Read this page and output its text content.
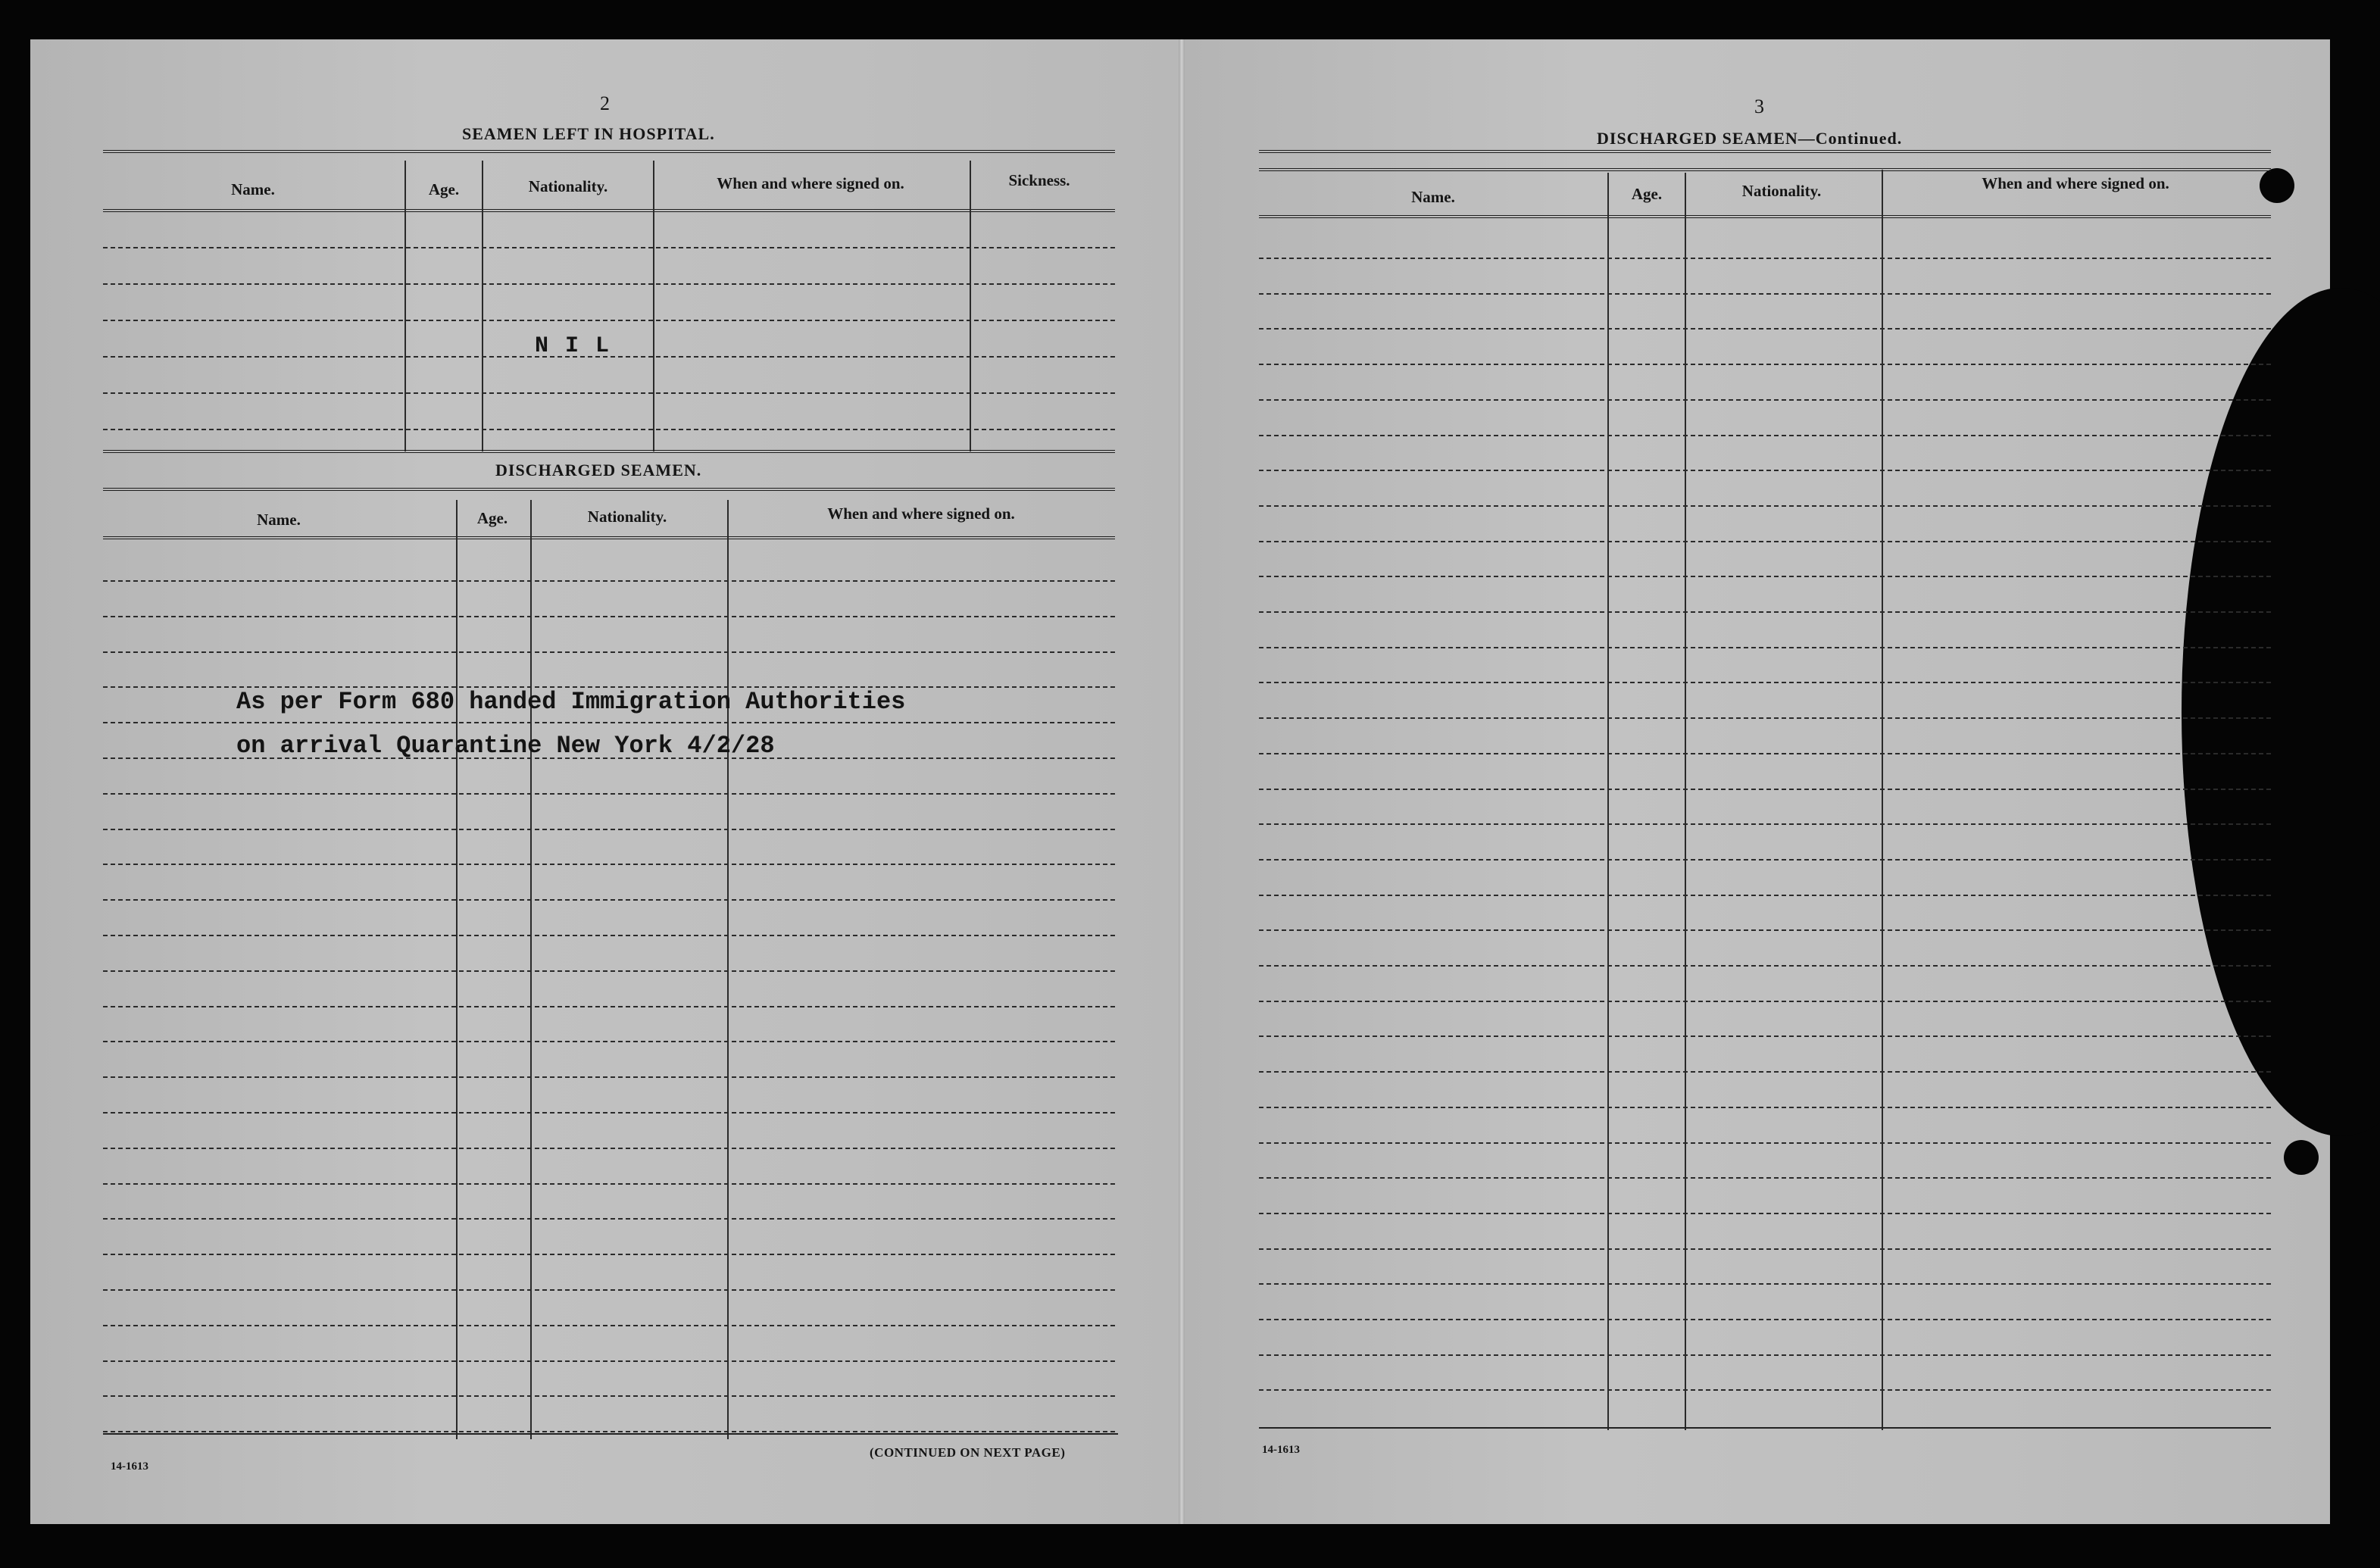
2
SEAMEN LEFT IN HOSPITAL.
Name.	Age.	Nationality.	When and where signed on.	Sickness.
N I L
DISCHARGED SEAMEN.
Name.	Age.	Nationality.	When and where signed on.
As per Form 680 handed Immigration Authorities
on arrival Quarantine New York 4/2/28
14-1613
(CONTINUED ON NEXT PAGE)
3
DISCHARGED SEAMEN—Continued.
Name.	Age.	Nationality.	When and where signed on.
14-1613
